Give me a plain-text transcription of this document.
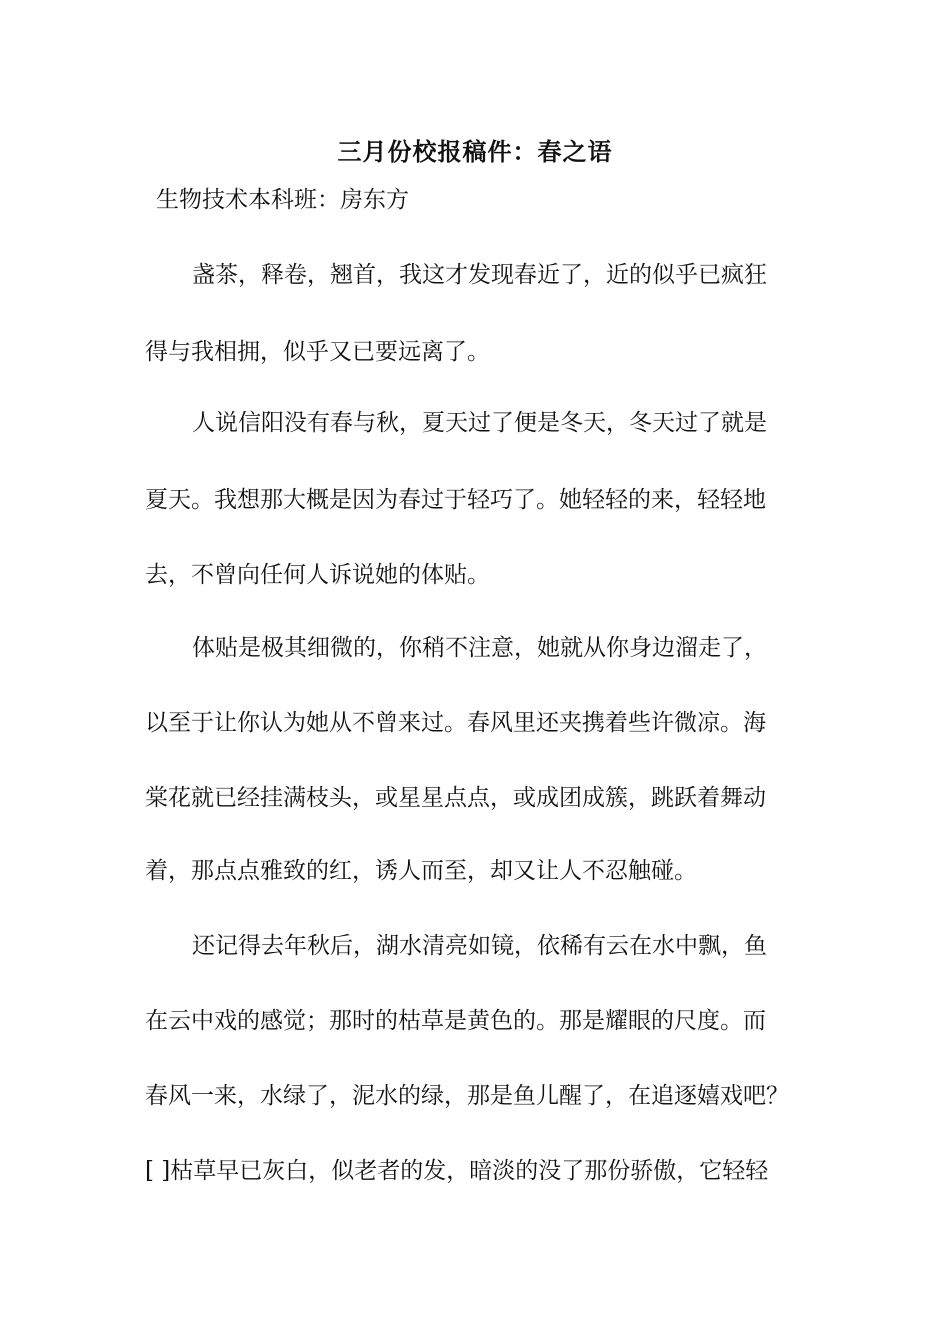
三月份校报稿件：春之语
生物技术本科班：房东方
盏茶，释卷，翘首，我这才发现春近了，近的似乎已疯狂
得与我相拥，似乎又已要远离了。
人说信阳没有春与秋，夏天过了便是冬天，冬天过了就是
夏天。我想那大概是因为春过于轻巧了。她轻轻的来，轻轻地
去，不曾向任何人诉说她的体贴。
体贴是极其细微的，你稍不注意，她就从你身边溜走了，
以至于让你认为她从不曾来过。春风里还夹携着些许微凉。海
棠花就已经挂满枝头，或星星点点，或成团成簇，跳跃着舞动
着，那点点雅致的红，诱人而至，却又让人不忍触碰。
还记得去年秋后，湖水清亮如镜，依稀有云在水中飘，鱼
在云中戏的感觉；那时的枯草是黄色的。那是耀眼的尺度。而
春风一来，水绿了，泥水的绿，那是鱼儿醒了，在追逐嬉戏吧？
[ ]枯草早已灰白，似老者的发，暗淡的没了那份骄傲，它轻轻
